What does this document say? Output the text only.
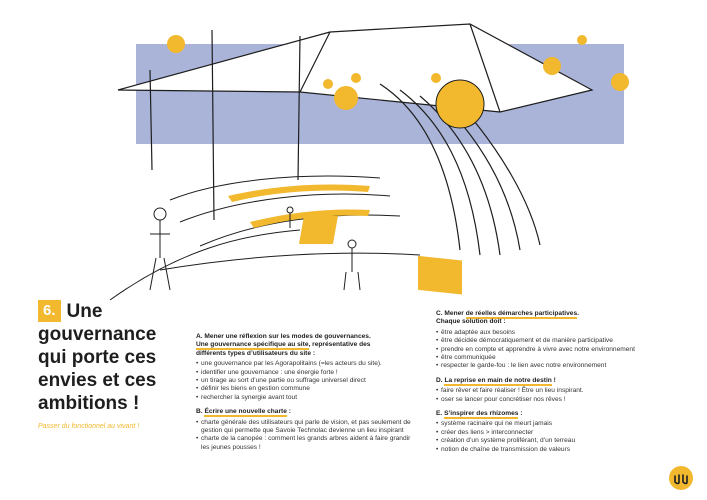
6. Une
gouvernance
qui porte ces
envies et ces
ambitions !
Passer du fonctionnel au vivant !
A. Mener une réflexion sur les modes de gouvernances.
Une gouvernance spécifique au site, représentative des
différents types d’utilisateurs du site :
• une gouvernance par les Agorapolitains (=les acteurs du site).
• identifier une gouvernance : une énergie forte !
• un tirage au sort d’une partie ou suffrage universel direct
• définir les biens en gestion commune
• rechercher la synergie avant tout
B. Écrire une nouvelle charte :
• charte générale des utilisateurs qui parle de vision, et pas seulement de gestion qui permette que Savoie Technolac devienne un lieu inspirant
• charte de la canopée : comment les grands arbres aident à faire grandir les jeunes pousses !
C. Mener de réelles démarches participatives.
Chaque solution doit :
• être adaptée aux besoins
• être décidée démocratiquement et de manière participative
• prendre en compte et apprendre à vivre avec notre environnement
• être communiquée
• respecter le garde-fou : le lien avec notre environnement
D. La reprise en main de notre destin !
• faire rêver et faire réaliser ! Être un lieu inspirant.
• oser se lancer pour concrétiser nos rêves !
E. S’inspirer des rhizomes :
• système racinaire qui ne meurt jamais
• créer des liens > interconnecter
• création d’un système proliférant, d’un terreau
• notion de chaîne de transmission de valeurs
